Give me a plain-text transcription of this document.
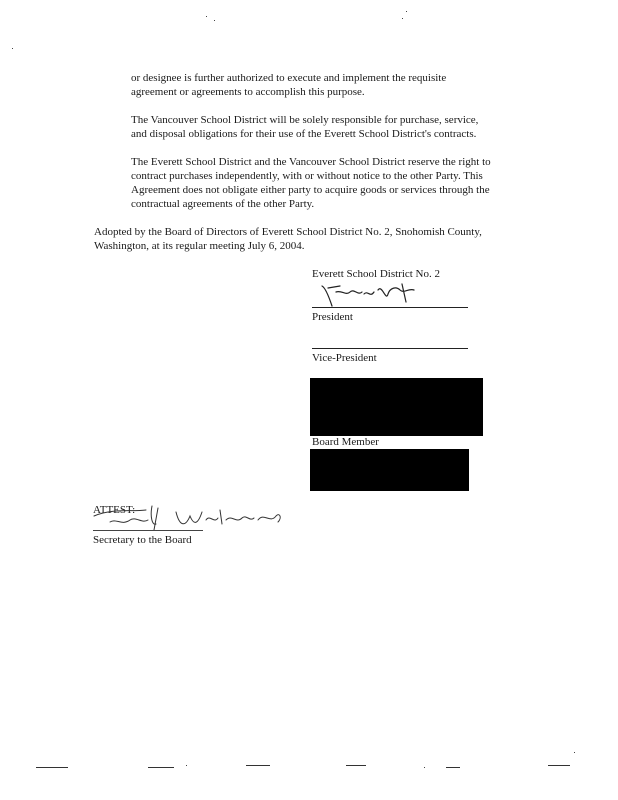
or designee is further authorized to execute and implement the requisite
agreement or agreements to accomplish this purpose.

The Vancouver School District will be solely responsible for purchase, service,
and disposal obligations for their use of the Everett School District's contracts.

The Everett School District and the Vancouver School District reserve the right to
contract purchases independently, with or without notice to the other Party. This
Agreement does not obligate either party to acquire goods or services through the
contractual agreements of the other Party.

Adopted by the Board of Directors of Everett School District No. 2, Snohomish County,
Washington, at its regular meeting July 6, 2004.

Everett School District No. 2
President
Vice-President
Board Member
ATTEST:
Secretary to the Board
